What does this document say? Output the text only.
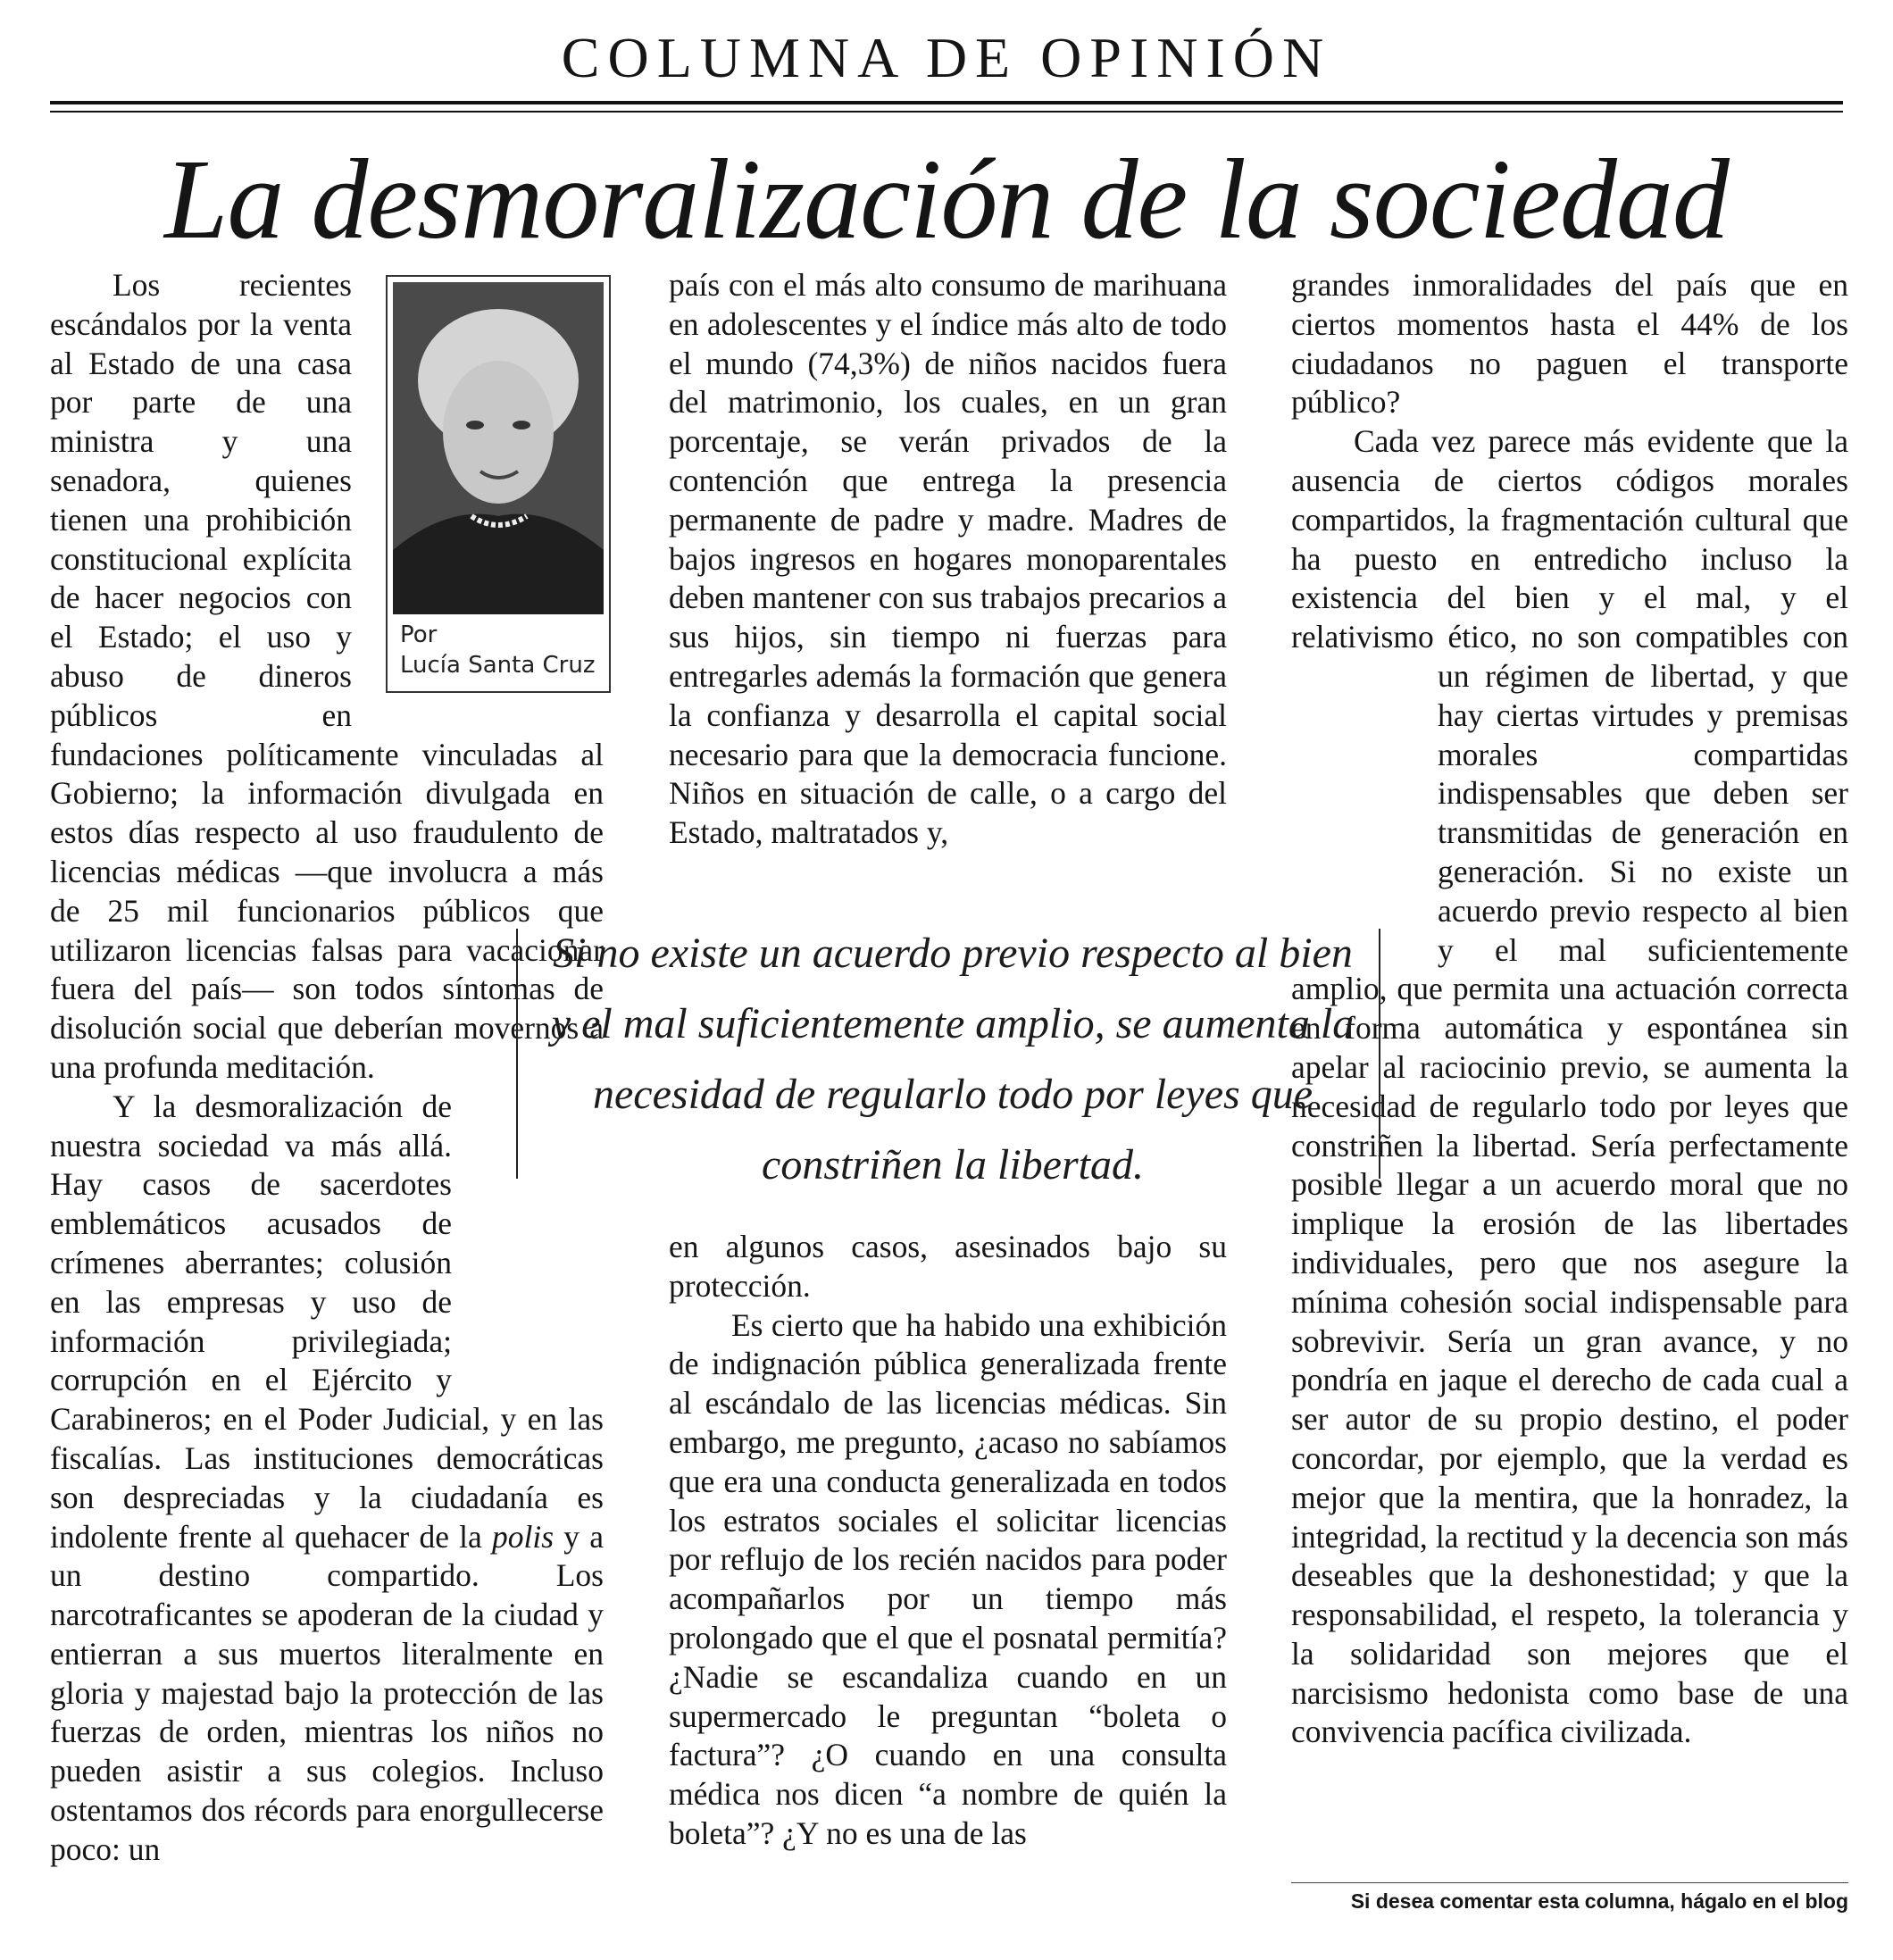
COLUMNA DE OPINIÓN
La desmoralización de la sociedad

Los recientes escándalos por la venta al Estado de una casa por parte de una ministra y una senadora, quienes tienen una prohibición constitucional explícita de hacer negocios con el Estado; el uso y abuso de dineros públicos en fundaciones políticamente vinculadas al Gobierno; la información divulgada en estos días respecto al uso fraudulento de licencias médicas —que involucra a más de 25 mil funcionarios públicos que utilizaron licencias falsas para vacacionar fuera del país— son todos síntomas de disolución social que deberían movernos a una profunda meditación.

Y la desmoralización de nuestra sociedad va más allá. Hay casos de sacerdotes emblemáticos acusados de crímenes aberrantes; colusión en las empresas y uso de información privilegiada; corrupción en el Ejército y Carabineros; en el Poder Judicial, y en las fiscalías. Las instituciones democráticas son despreciadas y la ciudadanía es indolente frente al quehacer de la polis y a un destino compartido. Los narcotraficantes se apoderan de la ciudad y entierran a sus muertos literalmente en gloria y majestad bajo la protección de las fuerzas de orden, mientras los niños no pueden asistir a sus colegios. Incluso ostentamos dos récords para enorgullecerse poco: un

país con el más alto consumo de marihuana en adolescentes y el índice más alto de todo el mundo (74,3%) de niños nacidos fuera del matrimonio, los cuales, en un gran porcentaje, se verán privados de la contención que entrega la presencia permanente de padre y madre. Madres de bajos ingresos en hogares monoparentales deben mantener con sus trabajos precarios a sus hijos, sin tiempo ni fuerzas para entregarles además la formación que genera la confianza y desarrolla el capital social necesario para que la democracia funcione. Niños en situación de calle, o a cargo del Estado, maltratados y,

en algunos casos, asesinados bajo su protección.

Es cierto que ha habido una exhibición de indignación pública generalizada frente al escándalo de las licencias médicas. Sin embargo, me pregunto, ¿acaso no sabíamos que era una conducta generalizada en todos los estratos sociales el solicitar licencias por reflujo de los recién nacidos para poder acompañarlos por un tiempo más prolongado que el que el posnatal permitía? ¿Nadie se escandaliza cuando en un supermercado le preguntan “boleta o factura”? ¿O cuando en una consulta médica nos dicen “a nombre de quién la boleta”? ¿Y no es una de las

grandes inmoralidades del país que en ciertos momentos hasta el 44% de los ciudadanos no paguen el transporte público?

Cada vez parece más evidente que la ausencia de ciertos códigos morales compartidos, la fragmentación cultural que ha puesto en entredicho incluso la existencia del bien y el mal, y el relativismo ético, no son compatibles con un régimen de libertad, y que hay ciertas virtudes y premisas morales compartidas indispensables que deben ser transmitidas de generación en generación. Si no existe un acuerdo previo respecto al bien y el mal suficientemente amplio, que permita una actuación correcta en forma automática y espontánea sin apelar al raciocinio previo, se aumenta la necesidad de regularlo todo por leyes que constriñen la libertad. Sería perfectamente posible llegar a un acuerdo moral que no implique la erosión de las libertades individuales, pero que nos asegure la mínima cohesión social indispensable para sobrevivir. Sería un gran avance, y no pondría en jaque el derecho de cada cual a ser autor de su propio destino, el poder concordar, por ejemplo, que la verdad es mejor que la mentira, que la honradez, la integridad, la rectitud y la decencia son más deseables que la deshonestidad; y que la responsabilidad, el respeto, la tolerancia y la solidaridad son mejores que el narcisismo hedonista como base de una convivencia pacífica civilizada.

Por
Lucía Santa Cruz
Si no existe un acuerdo previo respecto al bien y el mal suficientemente amplio, se aumenta la necesidad de regularlo todo por leyes que constriñen la libertad.
Si desea comentar esta columna, hágalo en el blog
